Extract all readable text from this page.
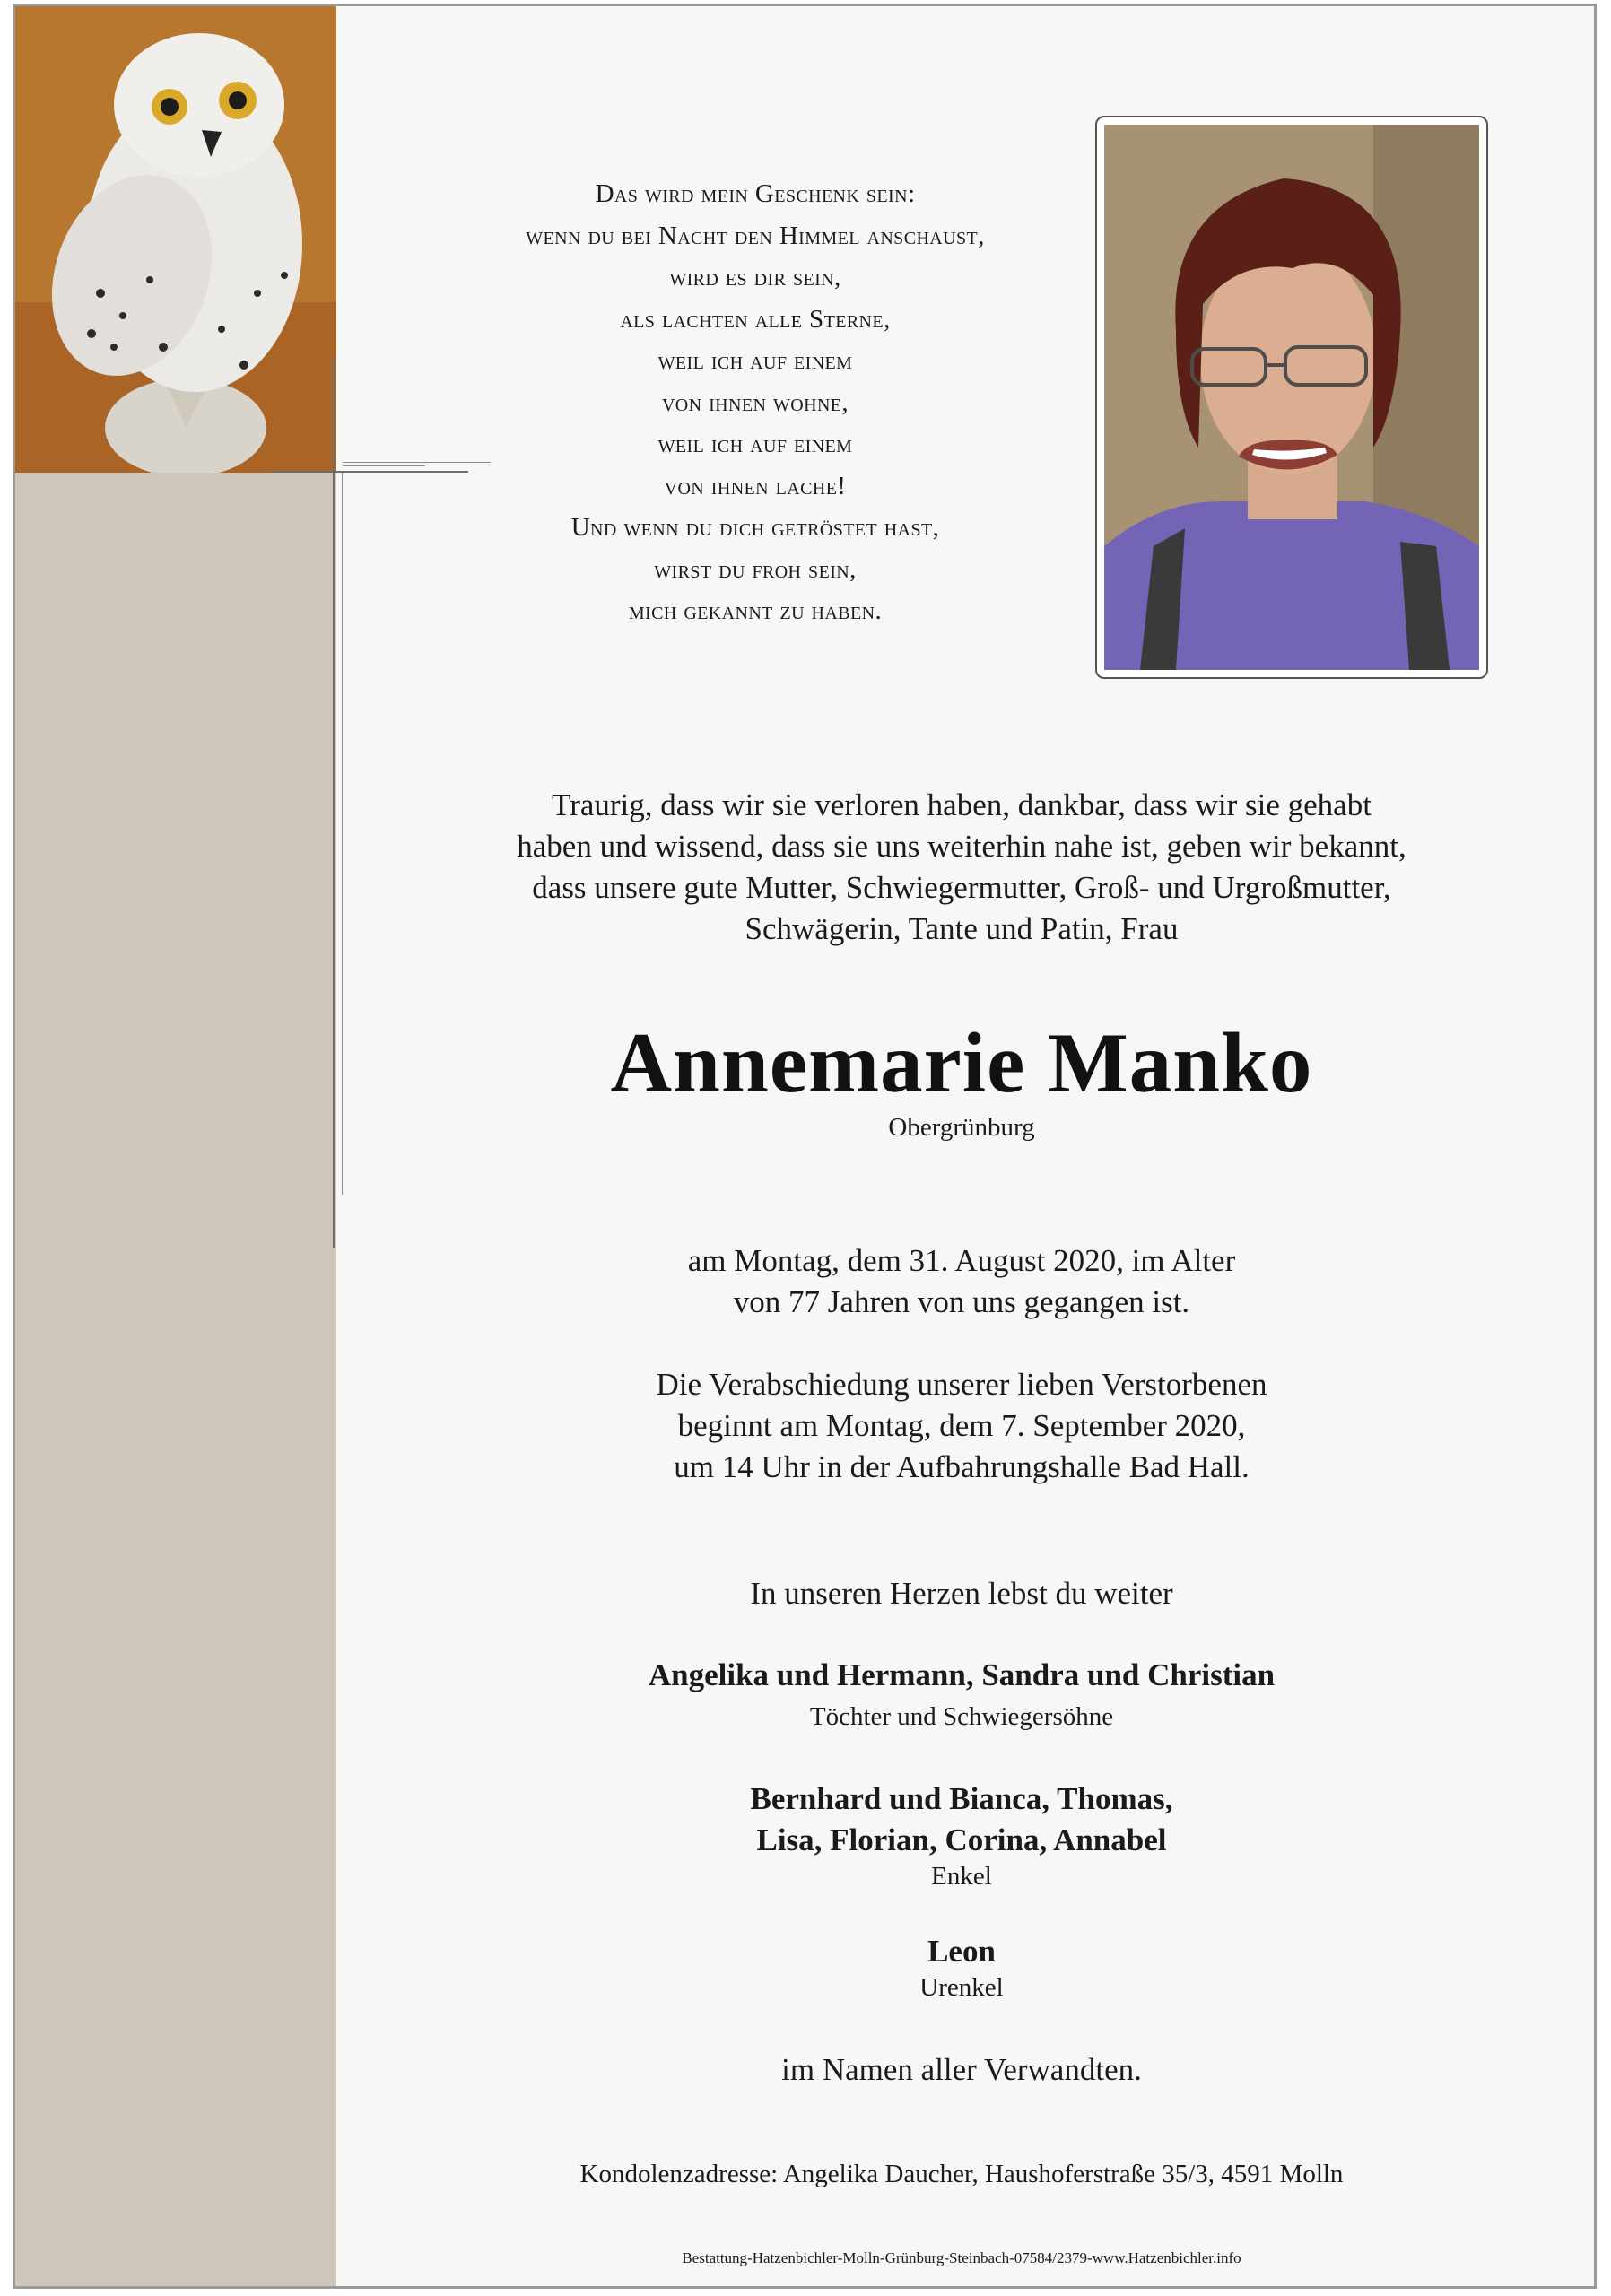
Das wird mein Geschenk sein:
wenn du bei Nacht den Himmel anschaust,
wird es dir sein,
als lachten alle Sterne,
weil ich auf einem
von ihnen wohne,
weil ich auf einem
von ihnen lache!
Und wenn du dich getröstet hast,
wirst du froh sein,
mich gekannt zu haben.
Traurig, dass wir sie verloren haben, dankbar, dass wir sie gehabt
haben und wissend, dass sie uns weiterhin nahe ist, geben wir bekannt,
dass unsere gute Mutter, Schwiegermutter, Groß- und Urgroßmutter,
Schwägerin, Tante und Patin, Frau
Annemarie Manko
Obergrünburg
am Montag, dem 31. August 2020, im Alter
von 77 Jahren von uns gegangen ist.
Die Verabschiedung unserer lieben Verstorbenen
beginnt am Montag, dem 7. September 2020,
um 14 Uhr in der Aufbahrungshalle Bad Hall.
In unseren Herzen lebst du weiter
Angelika und Hermann, Sandra und Christian
Töchter und Schwiegersöhne
Bernhard und Bianca, Thomas,
Lisa, Florian, Corina, Annabel
Enkel
Leon
Urenkel
im Namen aller Verwandten.
Kondolenzadresse: Angelika Daucher, Haushoferstraße 35/3, 4591 Molln
Bestattung-Hatzenbichler-Molln-Grünburg-Steinbach-07584/2379-www.Hatzenbichler.info
